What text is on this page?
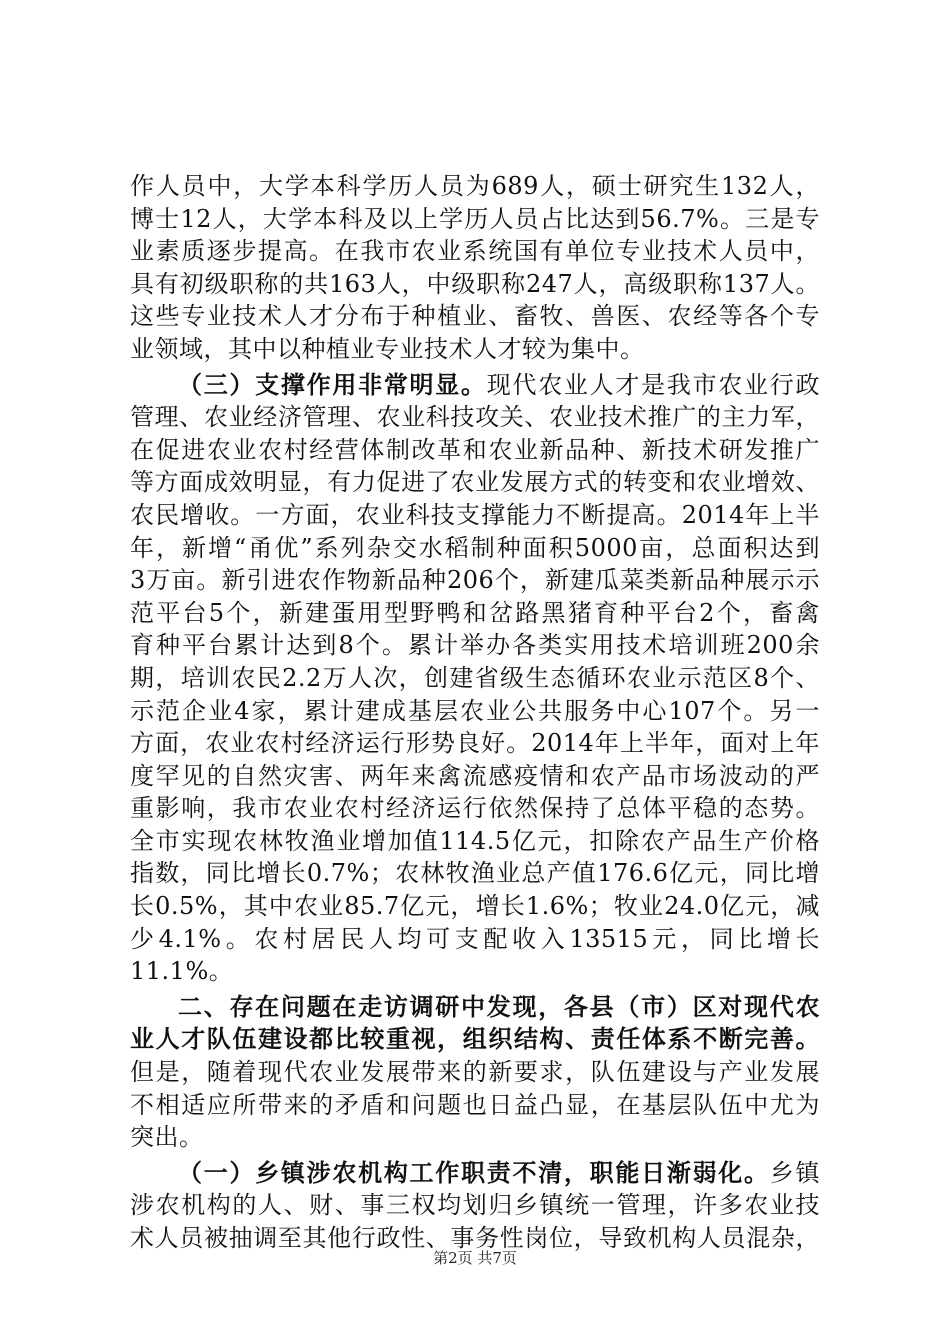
作人员中，大学本科学历人员为689人，硕士研究生132人，
博士12人，大学本科及以上学历人员占比达到56.7%。三是专
业素质逐步提高。在我市农业系统国有单位专业技术人员中，
具有初级职称的共163人，中级职称247人，高级职称137人。
这些专业技术人才分布于种植业、畜牧、兽医、农经等各个专
业领域，其中以种植业专业技术人才较为集中。
（三）支撑作用非常明显。现代农业人才是我市农业行政
管理、农业经济管理、农业科技攻关、农业技术推广的主力军，
在促进农业农村经营体制改革和农业新品种、新技术研发推广
等方面成效明显，有力促进了农业发展方式的转变和农业增效、
农民增收。一方面，农业科技支撑能力不断提高。2014年上半
年，新增“甬优”系列杂交水稻制种面积5000亩，总面积达到
3万亩。新引进农作物新品种206个，新建瓜菜类新品种展示示
范平台5个，新建蛋用型野鸭和岔路黑猪育种平台2个，畜禽
育种平台累计达到8个。累计举办各类实用技术培训班200余
期，培训农民2.2万人次，创建省级生态循环农业示范区8个、
示范企业4家，累计建成基层农业公共服务中心107个。另一
方面，农业农村经济运行形势良好。2014年上半年，面对上年
度罕见的自然灾害、两年来禽流感疫情和农产品市场波动的严
重影响，我市农业农村经济运行依然保持了总体平稳的态势。
全市实现农林牧渔业增加值114.5亿元，扣除农产品生产价格
指数，同比增长0.7%；农林牧渔业总产值176.6亿元，同比增
长0.5%，其中农业85.7亿元，增长1.6%；牧业24.0亿元，减
少4.1%。农村居民人均可支配收入13515元，同比增长
11.1%。
二、存在问题在走访调研中发现，各县（市）区对现代农
业人才队伍建设都比较重视，组织结构、责任体系不断完善。
但是，随着现代农业发展带来的新要求，队伍建设与产业发展
不相适应所带来的矛盾和问题也日益凸显，在基层队伍中尤为
突出。
（一）乡镇涉农机构工作职责不清，职能日渐弱化。乡镇
涉农机构的人、财、事三权均划归乡镇统一管理，许多农业技
术人员被抽调至其他行政性、事务性岗位，导致机构人员混杂，
第2页 共7页
